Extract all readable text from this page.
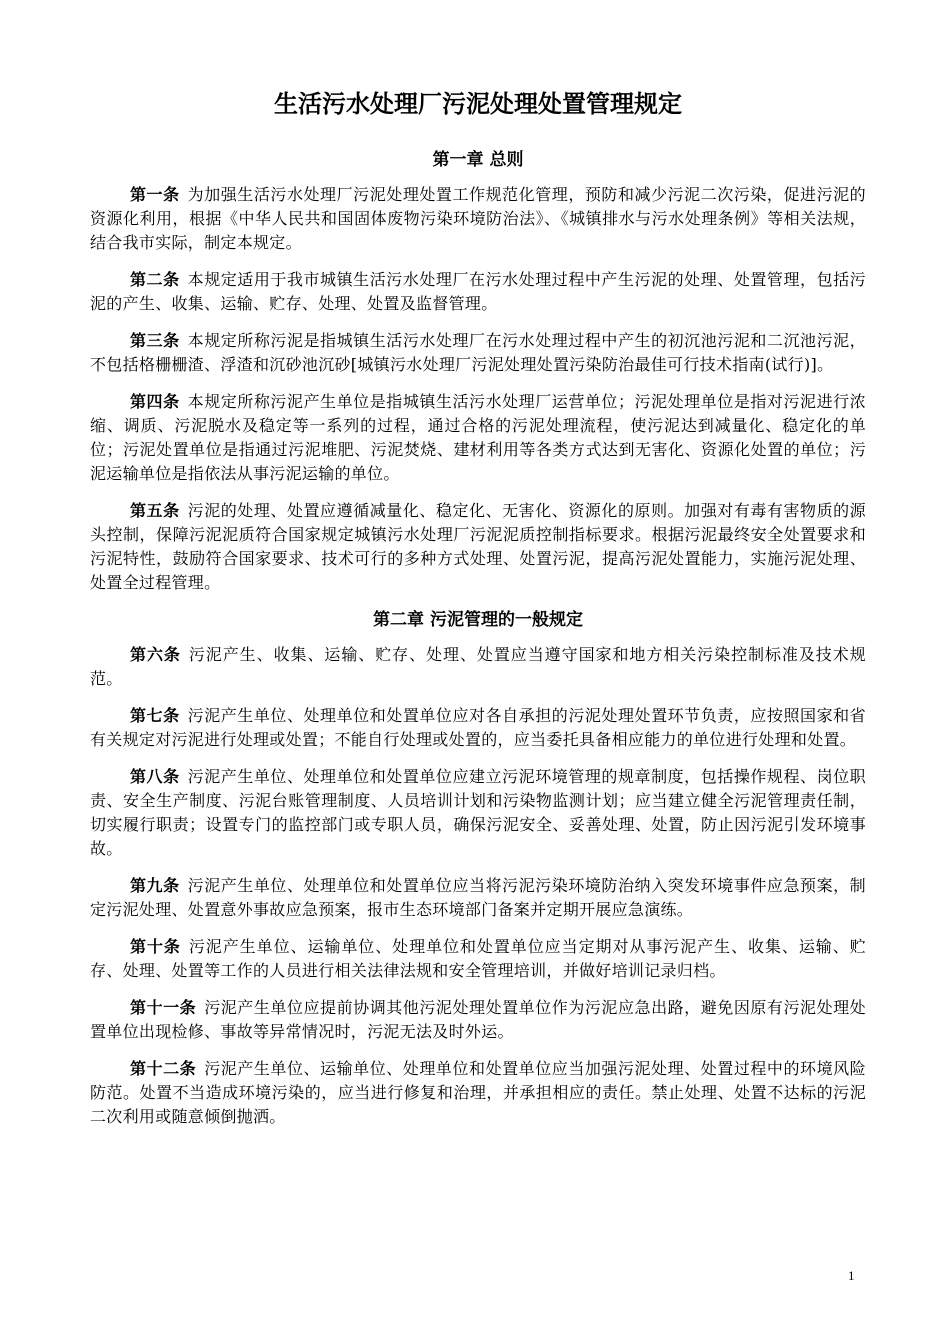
生活污水处理厂污泥处理处置管理规定
第一章 总则

第一条 为加强生活污水处理厂污泥处理处置工作规范化管理，预防和减少污泥二次污染，促进污泥的资源化利用，根据《中华人民共和国固体废物污染环境防治法》、《城镇排水与污水处理条例》等相关法规，结合我市实际，制定本规定。

第二条 本规定适用于我市城镇生活污水处理厂在污水处理过程中产生污泥的处理、处置管理，包括污泥的产生、收集、运输、贮存、处理、处置及监督管理。

第三条 本规定所称污泥是指城镇生活污水处理厂在污水处理过程中产生的初沉池污泥和二沉池污泥，不包括格栅栅渣、浮渣和沉砂池沉砂[城镇污水处理厂污泥处理处置污染防治最佳可行技术指南(试行)]。

第四条 本规定所称污泥产生单位是指城镇生活污水处理厂运营单位；污泥处理单位是指对污泥进行浓缩、调质、污泥脱水及稳定等一系列的过程，通过合格的污泥处理流程，使污泥达到减量化、稳定化的单位；污泥处置单位是指通过污泥堆肥、污泥焚烧、建材利用等各类方式达到无害化、资源化处置的单位；污泥运输单位是指依法从事污泥运输的单位。

第五条 污泥的处理、处置应遵循减量化、稳定化、无害化、资源化的原则。加强对有毒有害物质的源头控制，保障污泥泥质符合国家规定城镇污水处理厂污泥泥质控制指标要求。根据污泥最终安全处置要求和污泥特性，鼓励符合国家要求、技术可行的多种方式处理、处置污泥，提高污泥处置能力，实施污泥处理、处置全过程管理。

第二章 污泥管理的一般规定

第六条 污泥产生、收集、运输、贮存、处理、处置应当遵守国家和地方相关污染控制标准及技术规范。

第七条 污泥产生单位、处理单位和处置单位应对各自承担的污泥处理处置环节负责，应按照国家和省有关规定对污泥进行处理或处置；不能自行处理或处置的，应当委托具备相应能力的单位进行处理和处置。

第八条 污泥产生单位、处理单位和处置单位应建立污泥环境管理的规章制度，包括操作规程、岗位职责、安全生产制度、污泥台账管理制度、人员培训计划和污染物监测计划；应当建立健全污泥管理责任制，切实履行职责；设置专门的监控部门或专职人员，确保污泥安全、妥善处理、处置，防止因污泥引发环境事故。

第九条 污泥产生单位、处理单位和处置单位应当将污泥污染环境防治纳入突发环境事件应急预案，制定污泥处理、处置意外事故应急预案，报市生态环境部门备案并定期开展应急演练。

第十条 污泥产生单位、运输单位、处理单位和处置单位应当定期对从事污泥产生、收集、运输、贮存、处理、处置等工作的人员进行相关法律法规和安全管理培训，并做好培训记录归档。

第十一条 污泥产生单位应提前协调其他污泥处理处置单位作为污泥应急出路，避免因原有污泥处理处置单位出现检修、事故等异常情况时，污泥无法及时外运。

第十二条 污泥产生单位、运输单位、处理单位和处置单位应当加强污泥处理、处置过程中的环境风险防范。处置不当造成环境污染的，应当进行修复和治理，并承担相应的责任。禁止处理、处置不达标的污泥二次利用或随意倾倒抛洒。

1
